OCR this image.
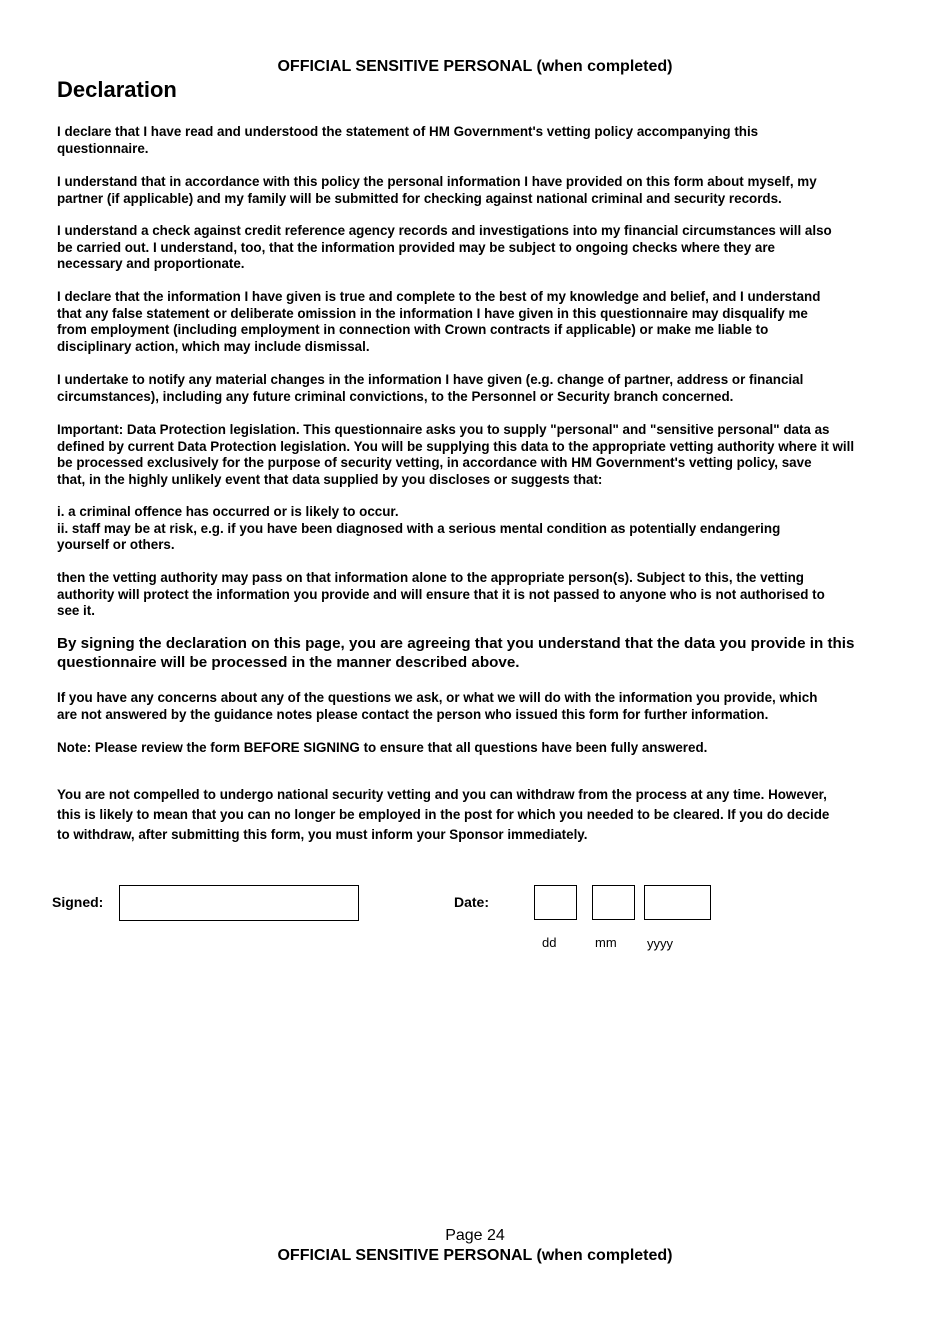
OFFICIAL SENSITIVE PERSONAL (when completed)
Declaration
I declare that I have read and understood the statement of HM Government's vetting policy accompanying this
questionnaire.
I understand that in accordance with this policy the personal information I have provided on this form about myself, my
partner (if applicable) and my family will be submitted for checking against national criminal and security records.
I understand a check against credit reference agency records and investigations into my financial circumstances will also
be carried out. I understand, too, that the information provided may be subject to ongoing checks where they are
necessary and proportionate.
I declare that the information I have given is true and complete to the best of my knowledge and belief, and I understand
that any false statement or deliberate omission in the information I have given in this questionnaire may disqualify me
from employment (including employment in connection with Crown contracts if applicable) or make me liable to
disciplinary action, which may include dismissal.
I undertake to notify any material changes in the information I have given (e.g. change of partner, address or financial
circumstances), including any future criminal convictions, to the Personnel or Security branch concerned.
Important: Data Protection legislation. This questionnaire asks you to supply "personal" and "sensitive personal" data as
defined by current Data Protection legislation. You will be supplying this data to the appropriate vetting authority where it will
be processed exclusively for the purpose of security vetting, in accordance with HM Government's vetting policy, save
that, in the highly unlikely event that data supplied by you discloses or suggests that:
i. a criminal offence has occurred or is likely to occur.
ii. staff may be at risk, e.g. if you have been diagnosed with a serious mental condition as potentially endangering
yourself or others.
then the vetting authority may pass on that information alone to the appropriate person(s). Subject to this, the vetting
authority will protect the information you provide and will ensure that it is not passed to anyone who is not authorised to
see it.
By signing the declaration on this page, you are agreeing that you understand that the data you provide in this
questionnaire will be processed in the manner described above.
If you have any concerns about any of the questions we ask, or what we will do with the information you provide, which
are not answered by the guidance notes please contact the person who issued this form for further information.
Note: Please review the form BEFORE SIGNING to ensure that all questions have been fully answered.
You are not compelled to undergo national security vetting and you can withdraw from the process at any time. However,
this is likely to mean that you can no longer be employed in the post for which you needed to be cleared. If you do decide
to withdraw, after submitting this form, you must inform your Sponsor immediately.
Signed:	Date:
dd	mm yyyy
Page 24
OFFICIAL SENSITIVE PERSONAL (when completed)
